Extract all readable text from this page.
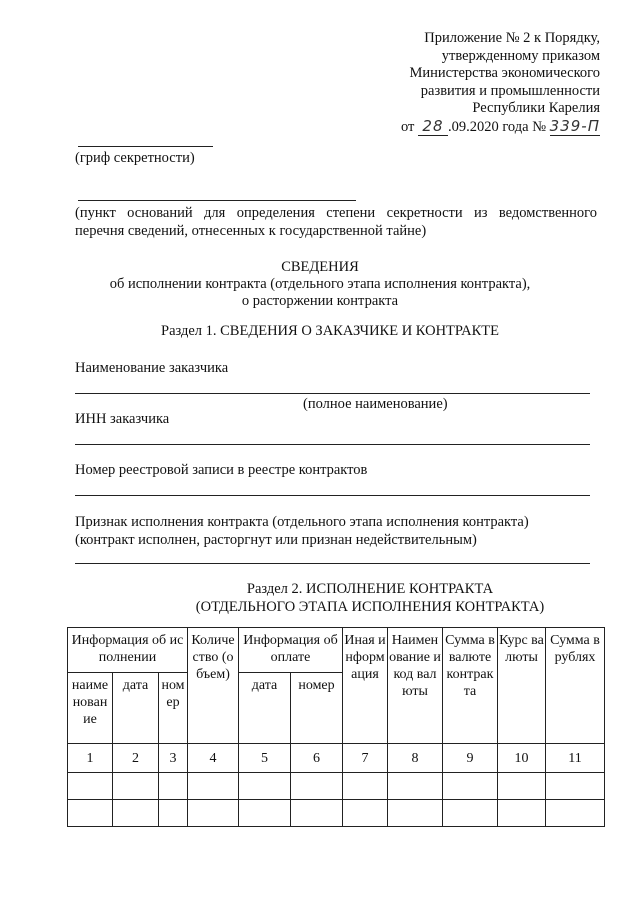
Приложение № 2 к Порядку,
утвержденному приказом
Министерства экономического
развития и промышленности
Республики Карелия
от 28 .09.2020 года № 339-П
(гриф секретности)
(пункт оснований для определения степени секретности из ведомственного
перечня сведений, отнесенных к государственной тайне)
СВЕДЕНИЯ
об исполнении контракта (отдельного этапа исполнения контракта),
о расторжении контракта
Раздел 1. СВЕДЕНИЯ О ЗАКАЗЧИКЕ И КОНТРАКТЕ
Наименование заказчика
(полное наименование)
ИНН заказчика
Номер реестровой записи в реестре контрактов
Признак исполнения контракта (отдельного этапа исполнения контракта)
(контракт исполнен, расторгнут или признан недействительным)
Раздел 2. ИСПОЛНЕНИЕ КОНТРАКТА
(ОТДЕЛЬНОГО ЭТАПА ИСПОЛНЕНИЯ КОНТРАКТА)
Информация об исполнении			Количество (объем)	Информация об оплате		Иная информация	Наименование и код валюты	Сумма в валюте контракта	Курс валюты	Сумма в рублях
наименование	дата	номер		дата	номер					
1	2	3	4	5	6	7	8	9	10	11
